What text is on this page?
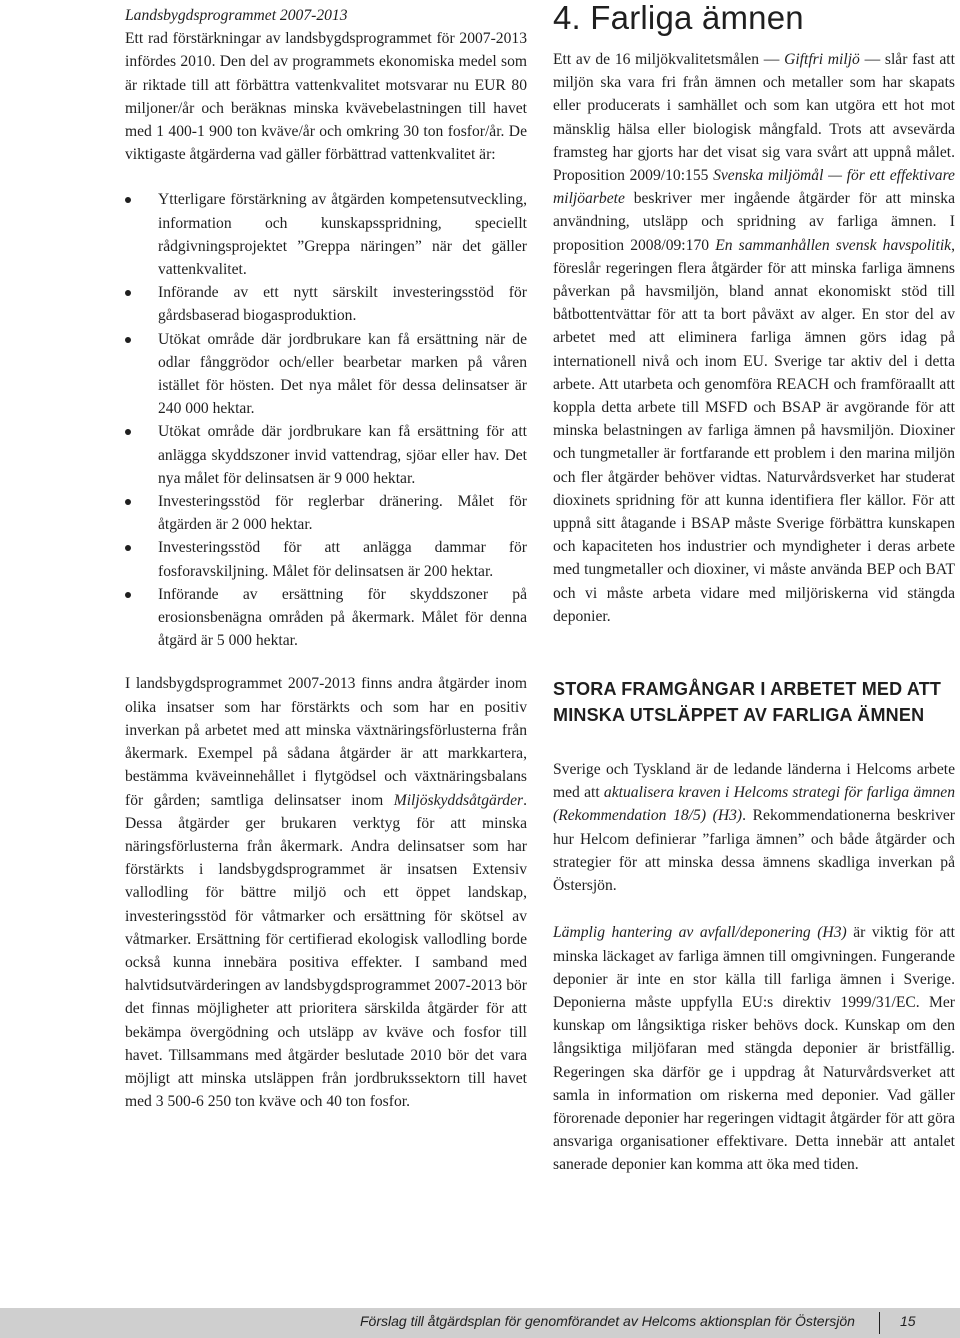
Landsbygdsprogrammet 2007-2013

Ett rad förstärkningar av landsbygdsprogrammet för 2007-2013 infördes 2010. Den del av programmets ekonomiska medel som är riktade till att förbättra vattenkvalitet motsvarar nu EUR 80 miljoner/år och beräknas minska kvävebelastningen till havet med 1 400-1 900 ton kväve/år och omkring 30 ton fosfor/år. De viktigaste åtgärderna vad gäller förbättrad vattenkvalitet är:

Ytterligare förstärkning av åtgärden kompetensutveckling, information och kunskapsspridning, speciellt rådgivningsprojektet ”Greppa näringen” när det gäller vattenkvalitet.
Införande av ett nytt särskilt investeringsstöd för gårdsbaserad biogasproduktion.
Utökat område där jordbrukare kan få ersättning när de odlar fånggrödor och/eller bearbetar marken på våren istället för hösten. Det nya målet för dessa delinsatser är 240 000 hektar.
Utökat område där jordbrukare kan få ersättning för att anlägga skyddszoner invid vattendrag, sjöar eller hav. Det nya målet för delinsatsen är 9 000 hektar.
Investeringsstöd för reglerbar dränering. Målet för åtgärden är 2 000 hektar.
Investeringsstöd för att anlägga dammar för fosforavskiljning. Målet för delinsatsen är 200 hektar.
Införande av ersättning för skyddszoner på erosionsbenägna områden på åkermark. Målet för denna åtgärd är 5 000 hektar.

I landsbygdsprogrammet 2007-2013 finns andra åtgärder inom olika insatser som har förstärkts och som har en positiv inverkan på arbetet med att minska växtnäringsförlusterna från åkermark. Exempel på sådana åtgärder är att markkartera, bestämma kväveinnehållet i flytgödsel och växtnäringsbalans för gården; samtliga delinsatser inom Miljöskyddsåtgärder. Dessa åtgärder ger brukaren verktyg för att minska näringsförlusterna från åkermark. Andra delinsatser som har förstärkts i landsbygdsprogrammet är insatsen Extensiv vallodling för bättre miljö och ett öppet landskap, investeringsstöd för våtmarker och ersättning för skötsel av våtmarker. Ersättning för certifierad ekologisk vallodling borde också kunna innebära positiva effekter. I samband med halvtidsutvärderingen av landsbygdsprogrammet 2007-2013 bör det finnas möjligheter att prioritera särskilda åtgärder för att bekämpa övergödning och utsläpp av kväve och fosfor till havet. Tillsammans med åtgärder beslutade 2010 bör det vara möjligt att minska utsläppen från jordbrukssektorn till havet med 3 500-6 250 ton kväve och 40 ton fosfor.

4. Farliga ämnen

Ett av de 16 miljökvalitetsmålen — Giftfri miljö — slår fast att miljön ska vara fri från ämnen och metaller som har skapats eller producerats i samhället och som kan utgöra ett hot mot mänsklig hälsa eller biologisk mångfald. Trots att avsevärda framsteg har gjorts har det visat sig vara svårt att uppnå målet. Proposition 2009/10:155 Svenska miljömål — för ett effektivare miljöarbete beskriver mer ingående åtgärder för att minska användning, utsläpp och spridning av farliga ämnen. I proposition 2008/09:170 En sammanhållen svensk havspolitik, föreslår regeringen flera åtgärder för att minska farliga ämnens påverkan på havsmiljön, bland annat ekonomiskt stöd till båtbottentvättar för att ta bort påväxt av alger. En stor del av arbetet med att eliminera farliga ämnen görs idag på internationell nivå och inom EU. Sverige tar aktiv del i detta arbete. Att utarbeta och genomföra REACH och framföraallt att koppla detta arbete till MSFD och BSAP är avgörande för att minska belastningen av farliga ämnen på havsmiljön. Dioxiner och tungmetaller är fortfarande ett problem i den marina miljön och fler åtgärder behöver vidtas. Naturvårdsverket har studerat dioxinets spridning för att kunna identifiera fler källor. För att uppnå sitt åtagande i BSAP måste Sverige förbättra kunskapen och kapaciteten hos industrier och myndigheter i deras arbete med tungmetaller och dioxiner, vi måste använda BEP och BAT och vi måste arbeta vidare med miljöriskerna vid stängda deponier.

STORA FRAMGÅNGAR I ARBETET MED ATT MINSKA UTSLÄPPET AV FARLIGA ÄMNEN

Sverige och Tyskland är de ledande länderna i Helcoms arbete med att aktualisera kraven i Helcoms strategi för farliga ämnen (Rekommendation 18/5) (H3). Rekommendationerna beskriver hur Helcom definierar ”farliga ämnen” och både åtgärder och strategier för att minska dessa ämnens skadliga inverkan på Östersjön.

Lämplig hantering av avfall/deponering (H3) är viktig för att minska läckaget av farliga ämnen till omgivningen. Fungerande deponier är inte en stor källa till farliga ämnen i Sverige. Deponierna måste uppfylla EU:s direktiv 1999/31/EC. Mer kunskap om långsiktiga risker behövs dock. Kunskap om den långsiktiga miljöfaran med stängda deponier är bristfällig. Regeringen ska därför ge i uppdrag åt Naturvårdsverket att samla in information om riskerna med deponier. Vad gäller förorenade deponier har regeringen vidtagit åtgärder för att göra ansvariga organisationer effektivare. Detta innebär att antalet sanerade deponier kan komma att öka med tiden.

Förslag till åtgärdsplan för genomförandet av Helcoms aktionsplan för Östersjön	15
